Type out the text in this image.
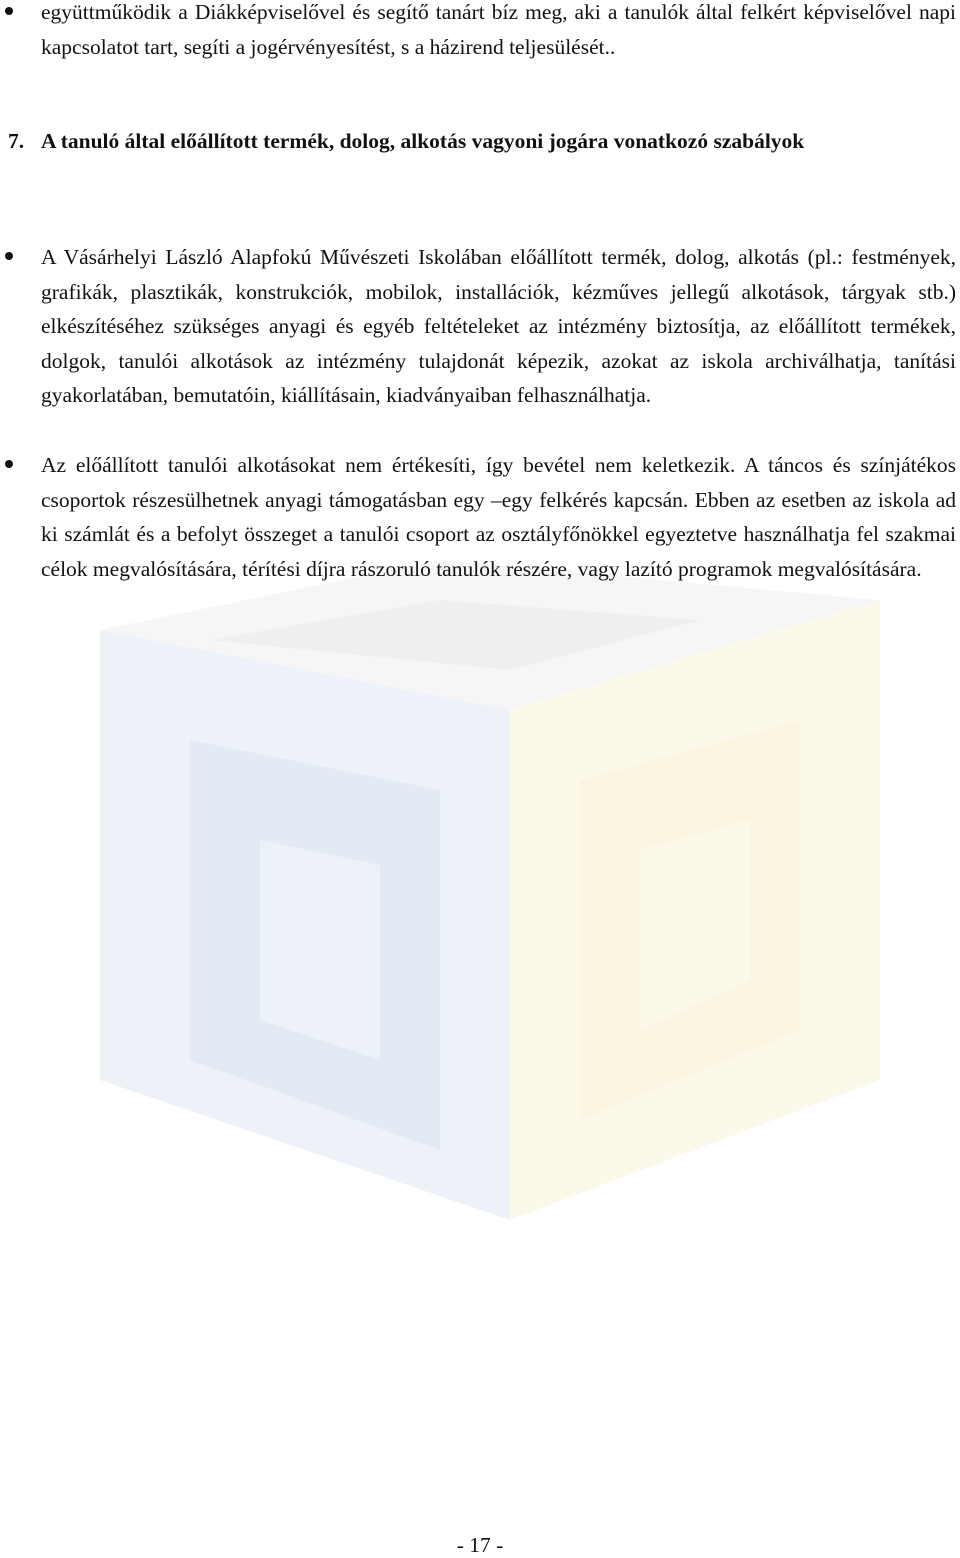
együttműködik a Diákképviselővel és segítő tanárt bíz meg, aki a tanulók által felkért képviselővel napi kapcsolatot tart, segíti a jogérvényesítést, s a házirend teljesülését..
7. A tanuló által előállított termék, dolog, alkotás vagyoni jogára vonatkozó szabályok
A Vásárhelyi László Alapfokú Művészeti Iskolában előállított termék, dolog, alkotás (pl.: festmények, grafikák, plasztikák, konstrukciók, mobilok, installációk, kézműves jellegű alkotások, tárgyak stb.) elkészítéséhez szükséges anyagi és egyéb feltételeket az intézmény biztosítja, az előállított termékek, dolgok, tanulói alkotások az intézmény tulajdonát képezik, azokat az iskola archiválhatja, tanítási gyakorlatában, bemutatóin, kiállításain, kiadványaiban felhasználhatja.
Az előállított tanulói alkotásokat nem értékesíti, így bevétel nem keletkezik. A táncos és színjátékos csoportok részesülhetnek anyagi támogatásban egy –egy felkérés kapcsán. Ebben az esetben az iskola ad ki számlát és a befolyt összeget a tanulói csoport az osztályfőnökkel egyeztetve használhatja fel szakmai célok megvalósítására, térítési díjra rászoruló tanulók részére, vagy lazító programok megvalósítására.
- 17 -
